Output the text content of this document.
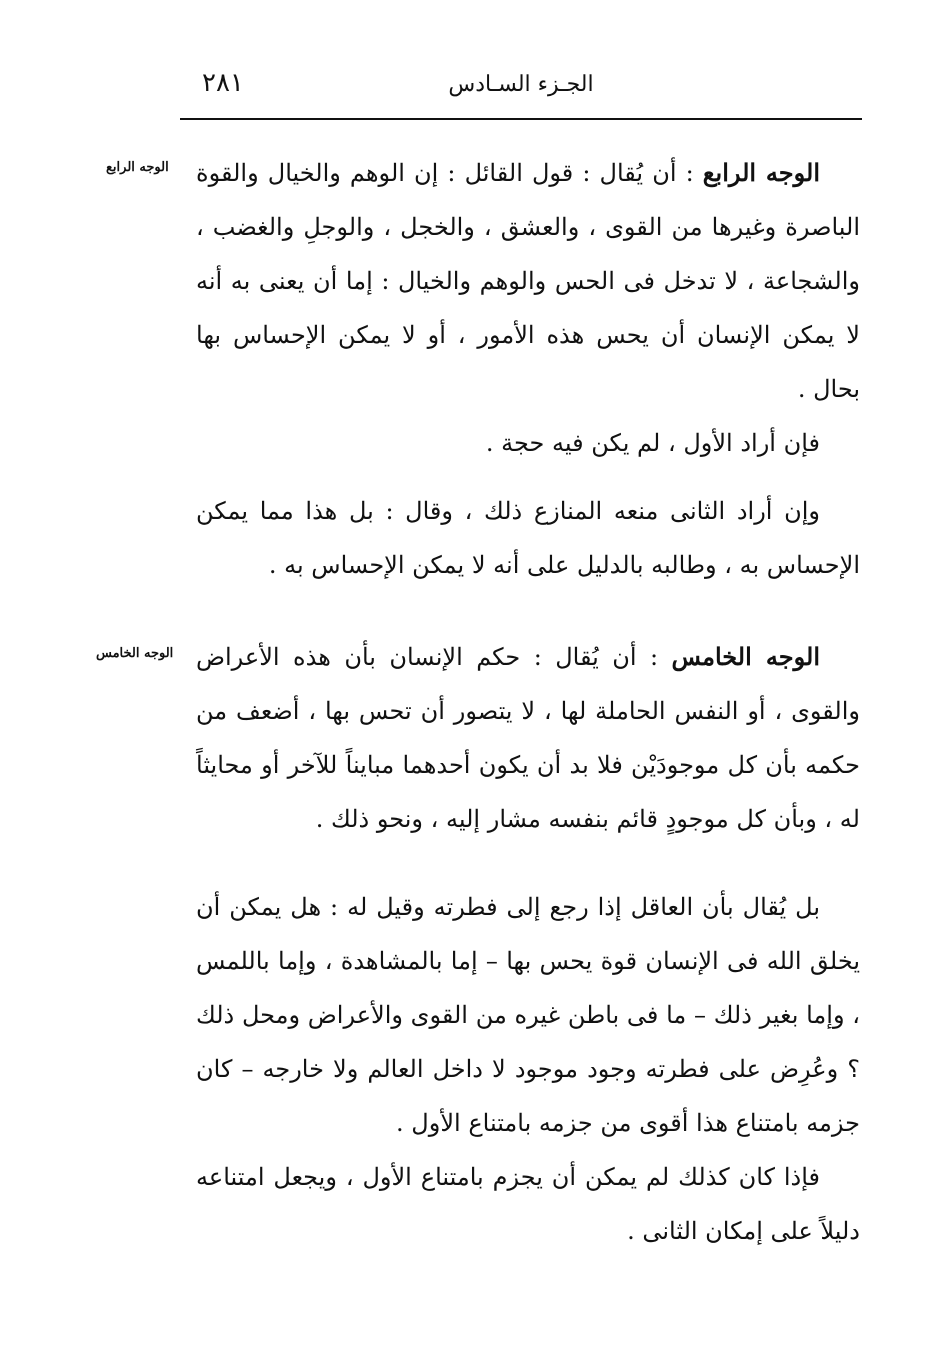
٢٨١	الجـزء السـادس
الوجه الرابع
الوجه الخامس

الوجه الرابع : أن يُقال : قول القائل : إن الوهم والخيال والقوة الباصرة وغيرها من القوى ، والعشق ، والخجل ، والوجلِ والغضب ، والشجاعة ، لا تدخل فى الحس والوهم والخيال : إما أن يعنى به أنه لا يمكن الإنسان أن يحس هذه الأمور ، أو لا يمكن الإحساس بها بحال .

فإن أراد الأول ، لم يكن فيه حجة .

وإن أراد الثانى منعه المنازع ذلك ، وقال : بل هذا مما يمكن الإحساس به ، وطالبه بالدليل على أنه لا يمكن الإحساس به .

الوجه الخامس : أن يُقال : حكم الإنسان بأن هذه الأعراض والقوى ، أو النفس الحاملة لها ، لا يتصور أن تحس بها ، أضعف من حكمه بأن كل موجودَيْن فلا بد أن يكون أحدهما مبايناً للآخر أو محايثاً له ، وبأن كل موجودٍ قائم بنفسه مشار إليه ، ونحو ذلك .

بل يُقال بأن العاقل إذا رجع إلى فطرته وقيل له : هل يمكن أن يخلق الله فى الإنسان قوة يحس بها – إما بالمشاهدة ، وإما باللمس ، وإما بغير ذلك – ما فى باطن غيره من القوى والأعراض ومحل ذلك ؟ وعُرِض على فطرته وجود موجود لا داخل العالم ولا خارجه – كان جزمه بامتناع هذا أقوى من جزمه بامتناع الأول .

فإذا كان كذلك لم يمكن أن يجزم بامتناع الأول ، ويجعل امتناعه دليلاً على إمكان الثانى .
